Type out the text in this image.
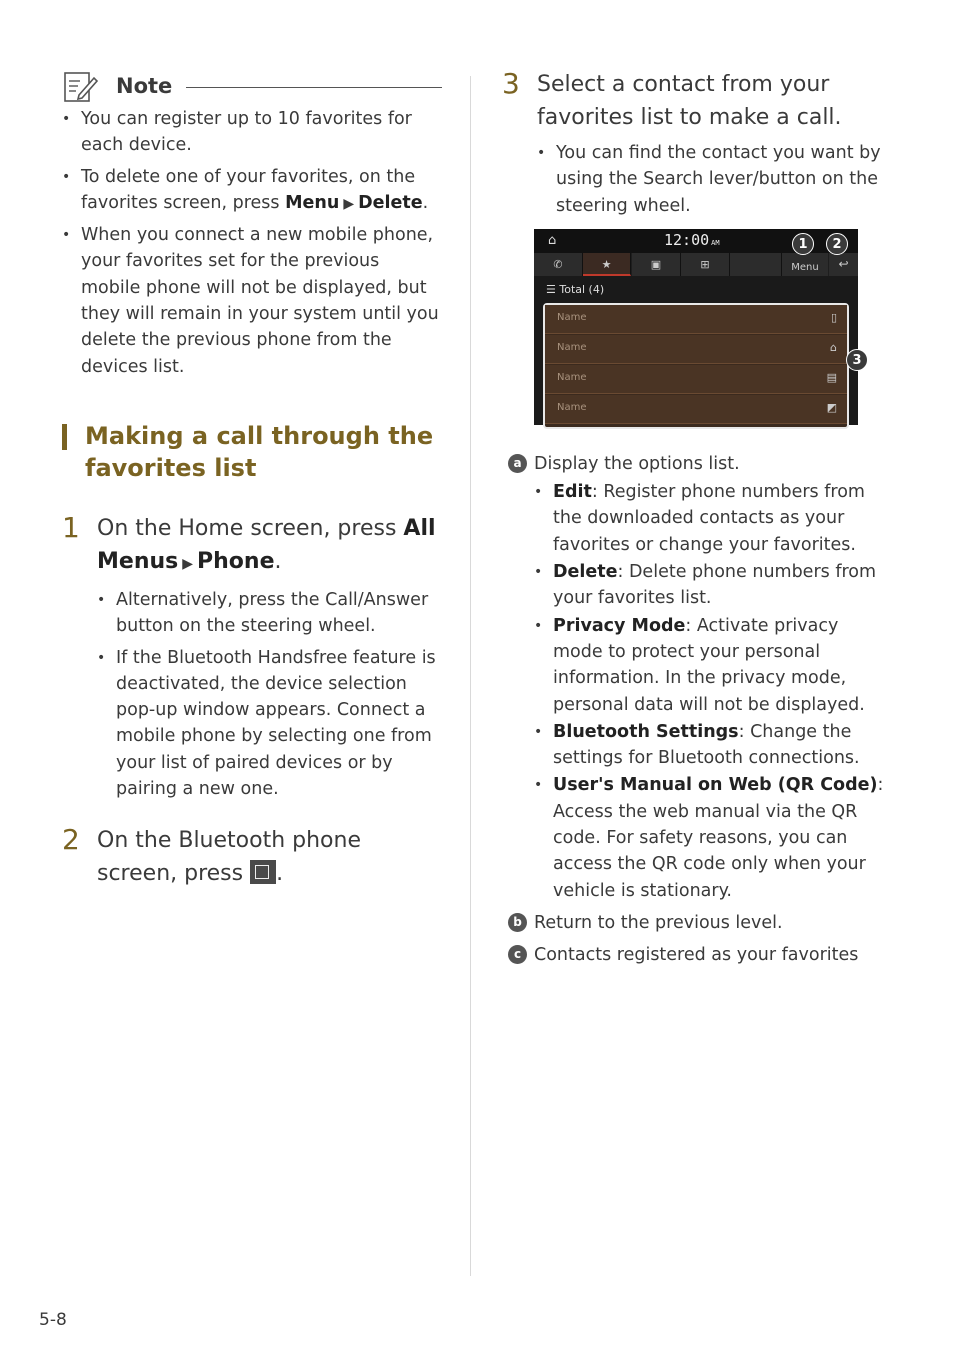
Note
• You can register up to 10 favorites for each device.
• To delete one of your favorites, on the favorites screen, press Menu ▶ Delete.
• When you connect a new mobile phone, your favorites set for the previous mobile phone will not be displayed, but they will remain in your system until you delete the previous phone from the devices list.
Making a call through the favorites list
1 On the Home screen, press All Menus ▶ Phone.
• Alternatively, press the Call/Answer button on the steering wheel.
• If the Bluetooth Handsfree feature is deactivated, the device selection pop-up window appears. Connect a mobile phone by selecting one from your list of paired devices or by pairing a new one.
2 On the Bluetooth phone screen, press .
3 Select a contact from your favorites list to make a call.
• You can find the contact you want by using the Search lever/button on the steering wheel.
⌂	12:00 AM
✆	★	▣	⊞	Menu	↩
☰ Total (4)
Name	▯
Name	⌂
Name	▤
Name	◩
1	2
3
a Display the options list.
• Edit: Register phone numbers from the downloaded contacts as your favorites or change your favorites.
• Delete: Delete phone numbers from your favorites list.
• Privacy Mode: Activate privacy mode to protect your personal information. In the privacy mode, personal data will not be displayed.
• Bluetooth Settings: Change the settings for Bluetooth connections.
• User's Manual on Web (QR Code): Access the web manual via the QR code. For safety reasons, you can access the QR code only when your vehicle is stationary.
b Return to the previous level.
c Contacts registered as your favorites
5-8
